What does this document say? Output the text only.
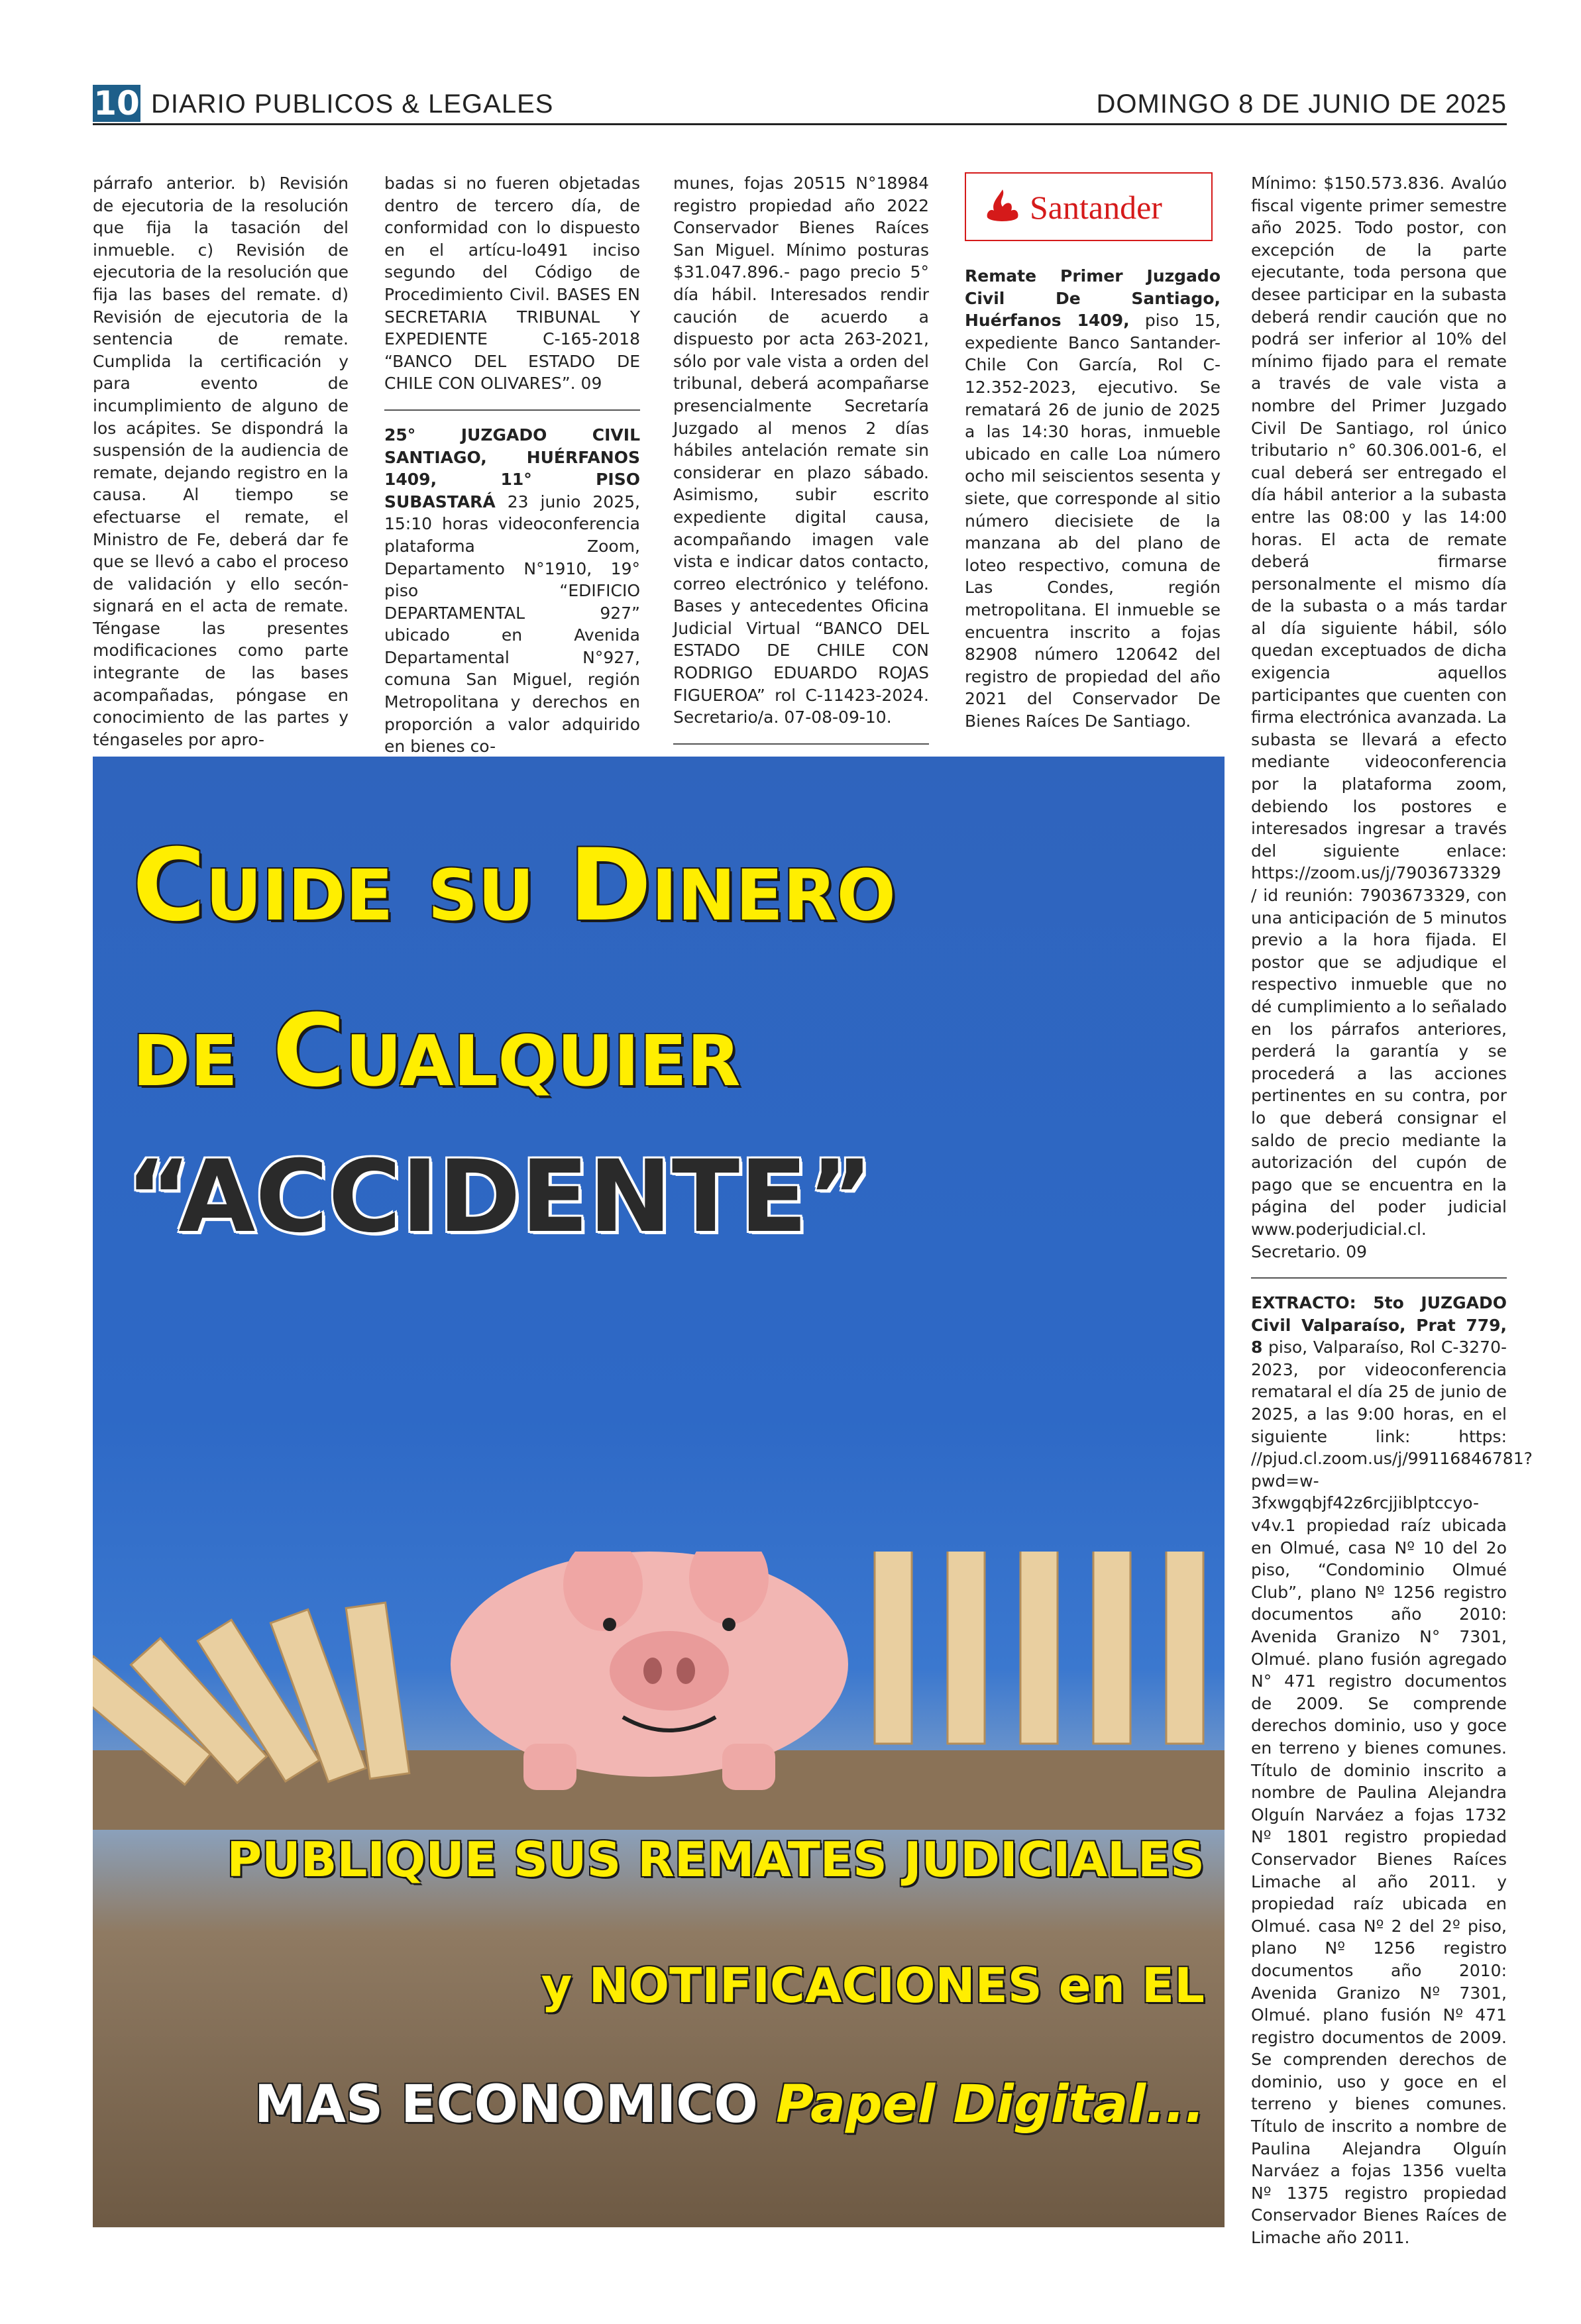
10 DIARIO PUBLICOS & LEGALES	DOMINGO 8 DE JUNIO DE 2025

párrafo anterior. b) Revisión de ejecutoria de la resolución que fija la tasación del inmueble. c) Revisión de ejecutoria de la resolución que fija las bases del remate. d) Revisión de ejecutoria de la sentencia de remate. Cumplida la certificación y para evento de incumplimiento de alguno de los acápites. Se dispondrá la suspensión de la audiencia de remate, dejando registro en la causa. Al tiempo se efectuarse el remate, el Ministro de Fe, deberá dar fe que se llevó a cabo el proceso de validación y ello secón-signará en el acta de remate. Téngase las presentes modificaciones como parte integrante de las bases acompañadas, póngase en conocimiento de las partes y téngaseles por apro-

badas si no fueren objetadas dentro de tercero día, de conformidad con lo dispuesto en el artícu-lo491 inciso segundo del Código de Procedimiento Civil. BASES EN SECRETARIA TRIBUNAL Y EXPEDIENTE C-165-2018 “BANCO DEL ESTADO DE CHILE CON OLIVARES”. 09

25° JUZGADO CIVIL SANTIAGO, HUÉRFANOS 1409, 11° PISO SUBASTARÁ 23 junio 2025, 15:10 horas videoconferencia plataforma Zoom, Departamento N°1910, 19° piso “EDIFICIO DEPARTAMENTAL 927” ubicado en Avenida Departamental N°927, comuna San Miguel, región Metropolitana y derechos en proporción a valor adquirido en bienes co-

munes, fojas 20515 N°18984 registro propiedad año 2022 Conservador Bienes Raíces San Miguel. Mínimo posturas $31.047.896.- pago precio 5° día hábil. Interesados rendir caución de acuerdo a dispuesto por acta 263-2021, sólo por vale vista a orden del tribunal, deberá acompañarse presencialmente Secretaría Juzgado al menos 2 días hábiles antelación remate sin considerar en plazo sábado. Asimismo, subir escrito expediente digital causa, acompañando imagen vale vista e indicar datos contacto, correo electrónico y teléfono. Bases y antecedentes Oficina Judicial Virtual “BANCO DEL ESTADO DE CHILE CON RODRIGO EDUARDO ROJAS FIGUEROA” rol C-11423-2024. Secretario/a. 07-08-09-10.

Santander

Remate Primer Juzgado Civil De Santiago, Huérfanos 1409, piso 15, expediente Banco Santander-Chile Con García, Rol C-12.352-2023, ejecutivo. Se rematará 26 de junio de 2025 a las 14:30 horas, inmueble ubicado en calle Loa número ocho mil seiscientos sesenta y siete, que corresponde al sitio número diecisiete de la manzana ab del plano de loteo respectivo, comuna de Las Condes, región metropolitana. El inmueble se encuentra inscrito a fojas 82908 número 120642 del registro de propiedad del año 2021 del Conservador De Bienes Raíces De Santiago.

Mínimo: $150.573.836. Avalúo fiscal vigente primer semestre año 2025. Todo postor, con excepción de la parte ejecutante, toda persona que desee participar en la subasta deberá rendir caución que no podrá ser inferior al 10% del mínimo fijado para el remate a través de vale vista a nombre del Primer Juzgado Civil De Santiago, rol único tributario n° 60.306.001-6, el cual deberá ser entregado el día hábil anterior a la subasta entre las 08:00 y las 14:00 horas. El acta de remate deberá firmarse personalmente el mismo día de la subasta o a más tardar al día siguiente hábil, sólo quedan exceptuados de dicha exigencia aquellos participantes que cuenten con firma electrónica avanzada. La subasta se llevará a efecto mediante videoconferencia por la plataforma zoom, debiendo los postores e interesados ingresar a través del siguiente enlace: https://zoom.us/j/7903673329 / id reunión: 7903673329, con una anticipación de 5 minutos previo a la hora fijada. El postor que se adjudique el respectivo inmueble que no dé cumplimiento a lo señalado en los párrafos anteriores, perderá la garantía y se procederá a las acciones pertinentes en su contra, por lo que deberá consignar el saldo de precio mediante la autorización del cupón de pago que se encuentra en la página del poder judicial www.poderjudicial.cl. Secretario. 09

EXTRACTO: 5to JUZGADO Civil Valparaíso, Prat 779, 8 piso, Valparaíso, Rol C-3270-2023, por videoconferencia remataral el día 25 de junio de 2025, a las 9:00 horas, en el siguiente link: https: //pjud.cl.zoom.us/j/99116846781?pwd=w-3fxwgqbjf42z6rcjjiblptccyo-v4v.1 propiedad raíz ubicada en Olmué, casa Nº 10 del 2o piso, “Condominio Olmué Club”, plano Nº 1256 registro documentos año 2010: Avenida Granizo N° 7301, Olmué. plano fusión agregado N° 471 registro documentos de 2009. Se comprende derechos dominio, uso y goce en terreno y bienes comunes. Título de dominio inscrito a nombre de Paulina Alejandra Olguín Narváez a fojas 1732 Nº 1801 registro propiedad Conservador Bienes Raíces Limache al año 2011. y propiedad raíz ubicada en Olmué. casa Nº 2 del 2º piso, plano Nº 1256 registro documentos año 2010: Avenida Granizo Nº 7301, Olmué. plano fusión Nº 471 registro documentos de 2009. Se comprenden derechos de dominio, uso y goce en el terreno y bienes comunes. Título de inscrito a nombre de Paulina Alejandra Olguín Narváez a fojas 1356 vuelta Nº 1375 registro propiedad Conservador Bienes Raíces de Limache año 2011.

Cuide su Dinero
de Cualquier
“ACCIDENTE”
PUBLIQUE SUS REMATES JUDICIALES
y NOTIFICACIONES en EL
MAS ECONOMICO Papel Digital...
